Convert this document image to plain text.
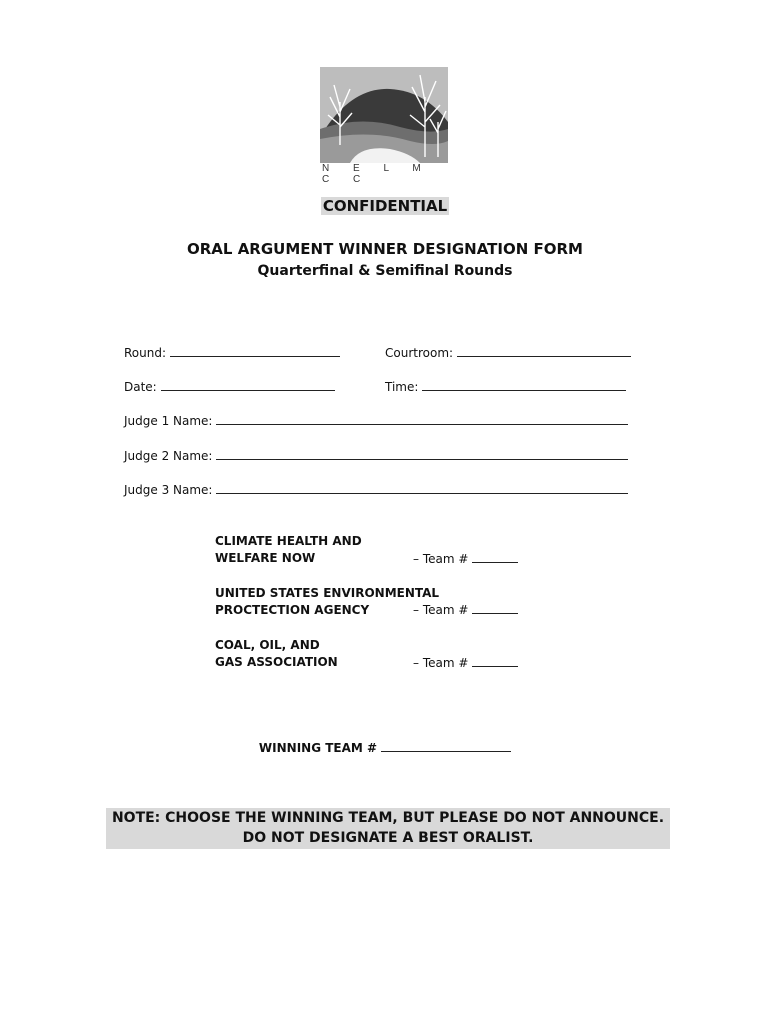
N E L M C C
CONFIDENTIAL
ORAL ARGUMENT WINNER DESIGNATION FORM
Quarterfinal & Semifinal Rounds
Round:	Courtroom:
Date:	Time:
Judge 1 Name:
Judge 2 Name:
Judge 3 Name:
CLIMATE HEALTH AND
WELFARE NOW	– Team #
UNITED STATES ENVIRONMENTAL
PROCTECTION AGENCY	– Team #
COAL, OIL, AND
GAS ASSOCIATION	– Team #
WINNING TEAM #
NOTE: CHOOSE THE WINNING TEAM, BUT PLEASE DO NOT ANNOUNCE.
DO NOT DESIGNATE A BEST ORALIST.
